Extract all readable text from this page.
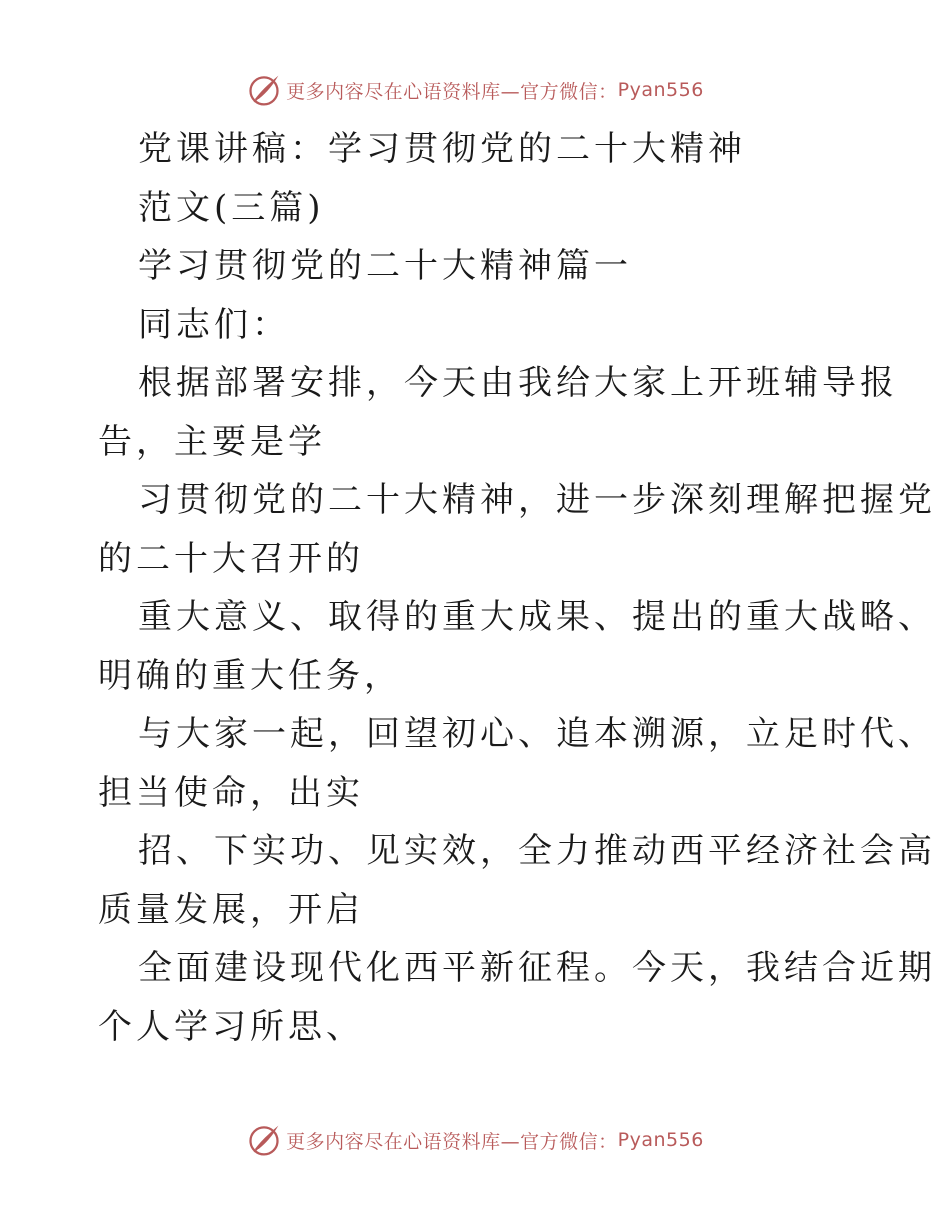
更多内容尽在心语资料库—官方微信： Pyan556
党课讲稿：学习贯彻党的二十大精神
范文(三篇)
学习贯彻党的二十大精神篇一
同志们：
根据部署安排，今天由我给大家上开班辅导报
告，主要是学
习贯彻党的二十大精神，进一步深刻理解把握党
的二十大召开的
重大意义、取得的重大成果、提出的重大战略、
明确的重大任务，
与大家一起，回望初心、追本溯源，立足时代、
担当使命，出实
招、下实功、见实效，全力推动西平经济社会高
质量发展，开启
全面建设现代化西平新征程。今天，我结合近期
个人学习所思、
更多内容尽在心语资料库—官方微信： Pyan556
